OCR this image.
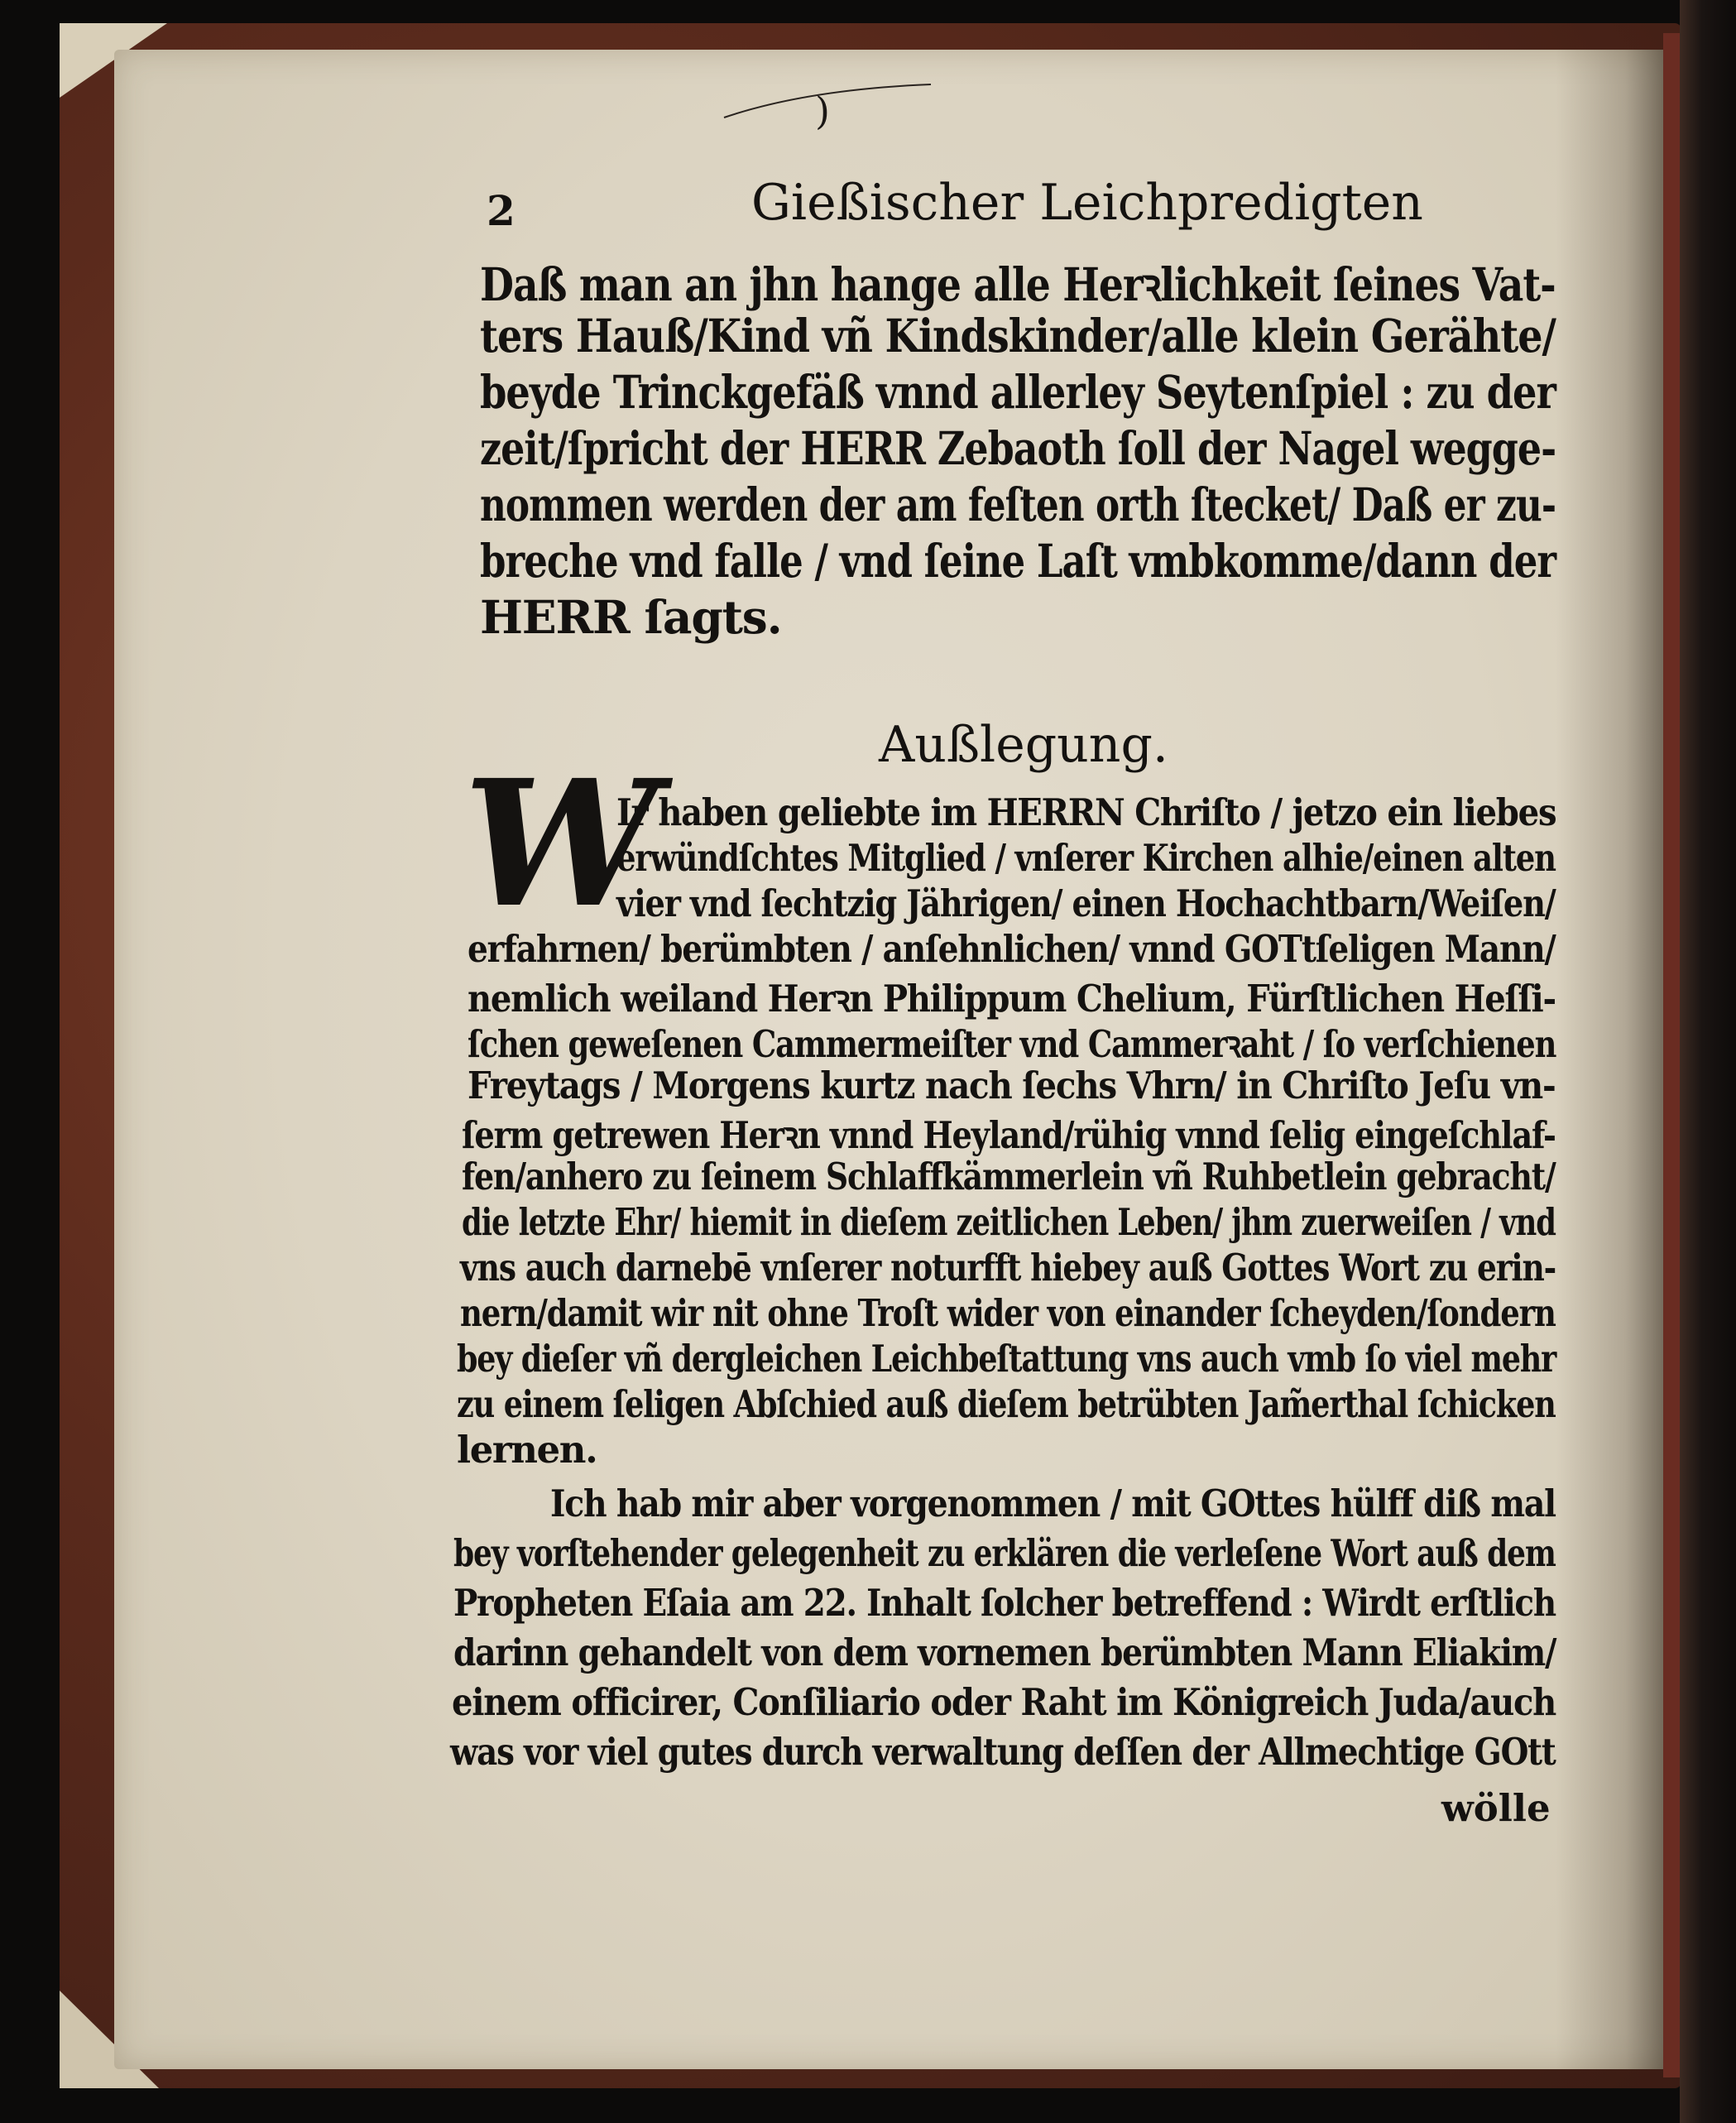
)
2	Gießischer Leichpredigten
Daß man an jhn hange alle Herꝛlichkeit ſeines Vat-
ters Hauß/Kind vñ Kindskinder/alle klein Gerähte/
beyde Trinckgefäß vnnd allerley Seytenſpiel : zu der
zeit/ſpricht der HERR Zebaoth ſoll der Nagel wegge-
nommen werden der am feſten orth ſtecket/ Daß er zu-
breche vnd falle / vnd ſeine Laſt vmbkomme/dann der
HERR ſagts.
Außlegung.
W
Ir haben geliebte im HERRN Chriſto / jetzo ein liebes
erwündſchtes Mitglied / vnſerer Kirchen alhie/einen alten
vier vnd ſechtzig Jährigen/ einen Hochachtbarn/Weiſen/
erfahrnen/ berümbten / anſehnlichen/ vnnd GOTtſeligen Mann/
nemlich weiland Herꝛn Philippum Chelium, Fürſtlichen Heſſi-
ſchen geweſenen Cammermeiſter vnd Cammerꝛaht / ſo verſchienen
Freytags / Morgens kurtz nach ſechs Vhrn/ in Chriſto Jeſu vn-
ſerm getrewen Herꝛn vnnd Heyland/rühig vnnd ſelig eingeſchlaf-
fen/anhero zu ſeinem Schlaffkämmerlein vñ Ruhbetlein gebracht/
die letzte Ehr/ hiemit in dieſem zeitlichen Leben/ jhm zuerweiſen / vnd
vns auch darnebē vnſerer noturfft hiebey auß Gottes Wort zu erin-
nern/damit wir nit ohne Troſt wider von einander ſcheyden/ſondern
bey dieſer vñ dergleichen Leichbeſtattung vns auch vmb ſo viel mehr
zu einem ſeligen Abſchied auß dieſem betrübten Jam̃erthal ſchicken
lernen.
Ich hab mir aber vorgenommen / mit GOttes hülff diß mal
bey vorſtehender gelegenheit zu erklären die verleſene Wort auß dem
Propheten Eſaia am 22. Inhalt ſolcher betreffend : Wirdt erſtlich
darinn gehandelt von dem vornemen berümbten Mann Eliakim/
einem officirer, Conſiliario oder Raht im Königreich Juda/auch
was vor viel gutes durch verwaltung deſſen der Allmechtige GOtt
wölle
